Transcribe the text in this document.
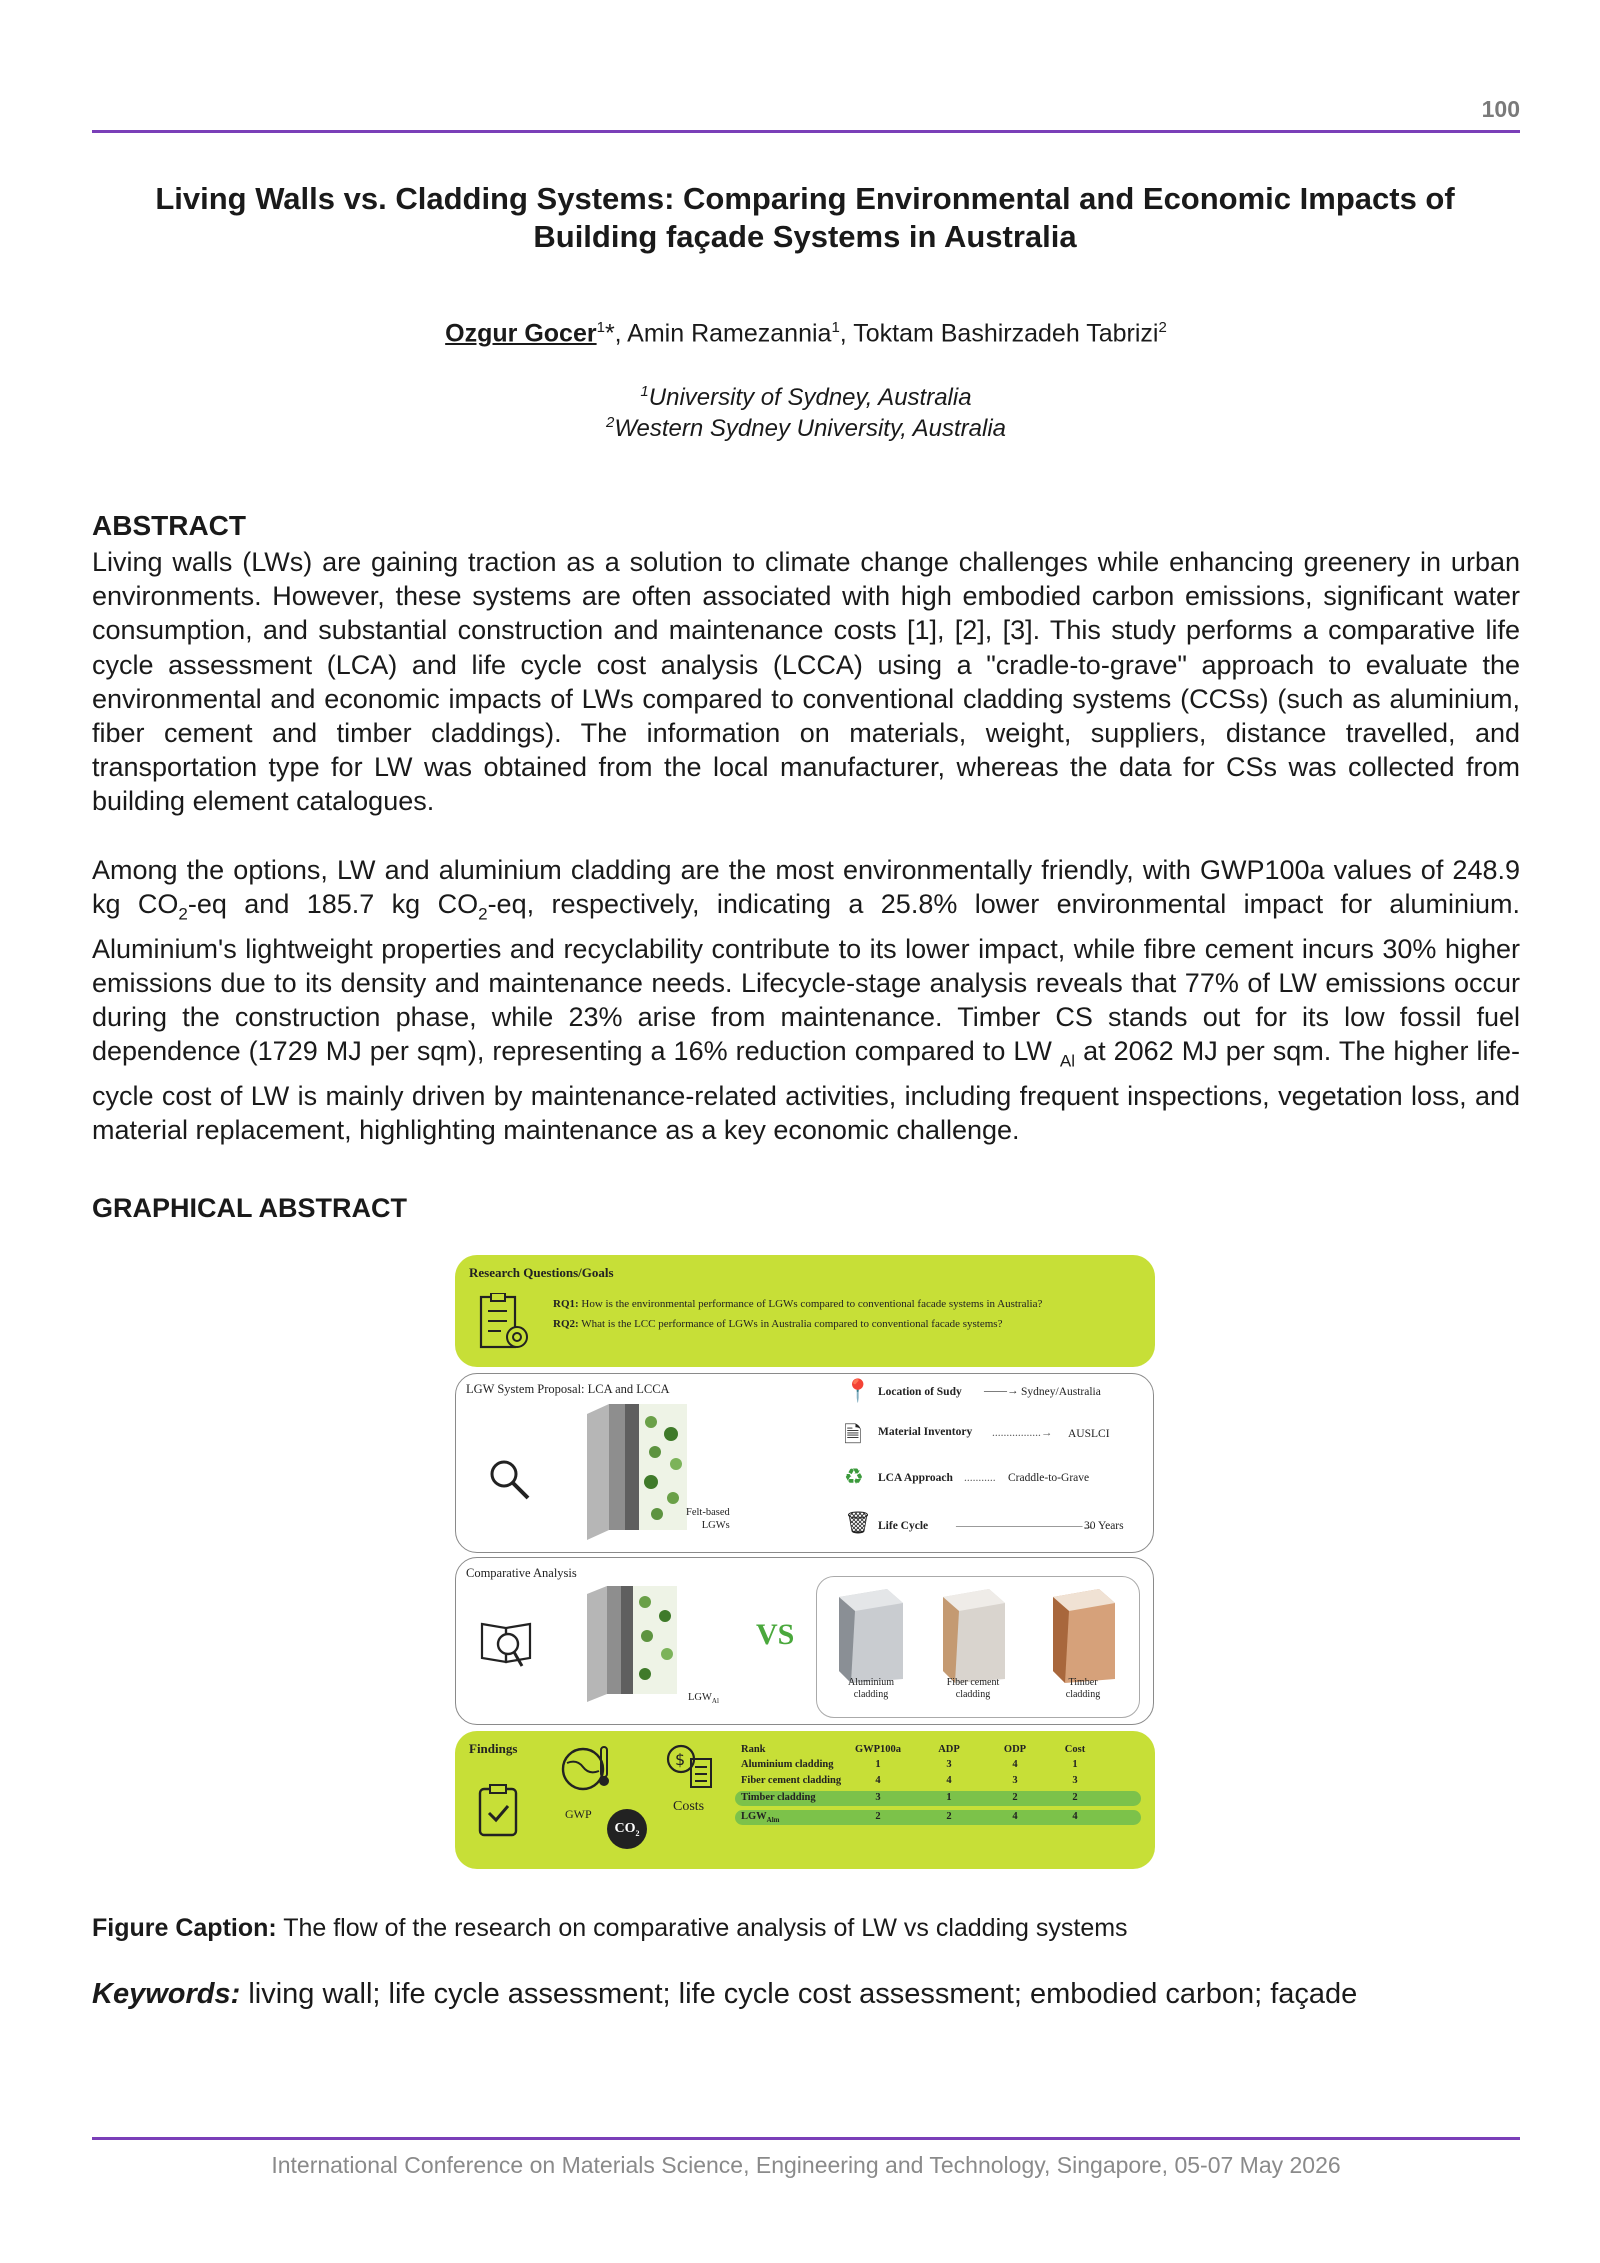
100
Living Walls vs. Cladding Systems: Comparing Environmental and Economic Impacts of
Building façade Systems in Australia
Ozgur Gocer$^1$*, Amin Ramezannia$^1$, Toktam Bashirzadeh Tabrizi$^2$
$^1$University of Sydney, Australia
$^2$Western Sydney University, Australia
ABSTRACT
Living walls (LWs) are gaining traction as a solution to climate change challenges while enhancing greenery in urban environments. However, these systems are often associated with high embodied carbon emissions, significant water consumption, and substantial construction and maintenance costs [1], [2], [3]. This study performs a comparative life cycle assessment (LCA) and life cycle cost analysis (LCCA) using a "cradle-to-grave" approach to evaluate the environmental and economic impacts of LWs compared to conventional cladding systems (CCSs) (such as aluminium, fiber cement and timber claddings). The information on materials, weight, suppliers, distance travelled, and transportation type for LW was obtained from the local manufacturer, whereas the data for CSs was collected from building element catalogues.
Among the options, LW and aluminium cladding are the most environmentally friendly, with GWP100a values of 248.9 kg $CO_2-eq$ and 185.7 kg $CO_2-eq$, respectively, indicating a 25.8% lower environmental impact for aluminium. Aluminium's lightweight properties and recyclability contribute to its lower impact, while fibre cement incurs 30% higher emissions due to its density and maintenance needs. Lifecycle-stage analysis reveals that 77% of LW emissions occur during the construction phase, while 23% arise from maintenance. Timber CS stands out for its low fossil fuel dependence (1729 MJ per sqm), representing a 16% reduction compared to LW $_{Al}$ at 2062 MJ per sqm. The higher life-cycle cost of LW is mainly driven by maintenance-related activities, including frequent inspections, vegetation loss, and material replacement, highlighting maintenance as a key economic challenge.
GRAPHICAL ABSTRACT
Research Questions/Goals
RQ1: How is the environmental performance of LGWs compared to conventional facade systems in Australia?
RQ2: What is the LCC performance of LGWs in Australia compared to conventional facade systems?
LGW System Proposal: LCA and LCCA
Felt-based
LGWs
📍 Location of Sudy ——→ Sydney/Australia
🗎 Material Inventory .................→ AUSLCI
♻ LCA Approach ........... Craddle-to-Grave
🗑 Life Cycle ———————————→
30 Years
Comparative Analysis
$LGW_{Al}$
VS
Aluminium
cladding
Fiber cement
cladding
Timber
cladding
Findings
GWP
$CO_2$
$
Costs
Rank	GWP100a	ADP	ODP	Cost
Aluminium cladding	1	3	4	1
Fiber cement cladding	4	4	3	3
Timber cladding	3	1	2	2
$LGW_{Alm}$	2	2	4	4
Figure Caption: The flow of the research on comparative analysis of LW vs cladding systems
Keywords: living wall; life cycle assessment; life cycle cost assessment; embodied carbon; façade
International Conference on Materials Science, Engineering and Technology, Singapore, 05-07 May 2026
